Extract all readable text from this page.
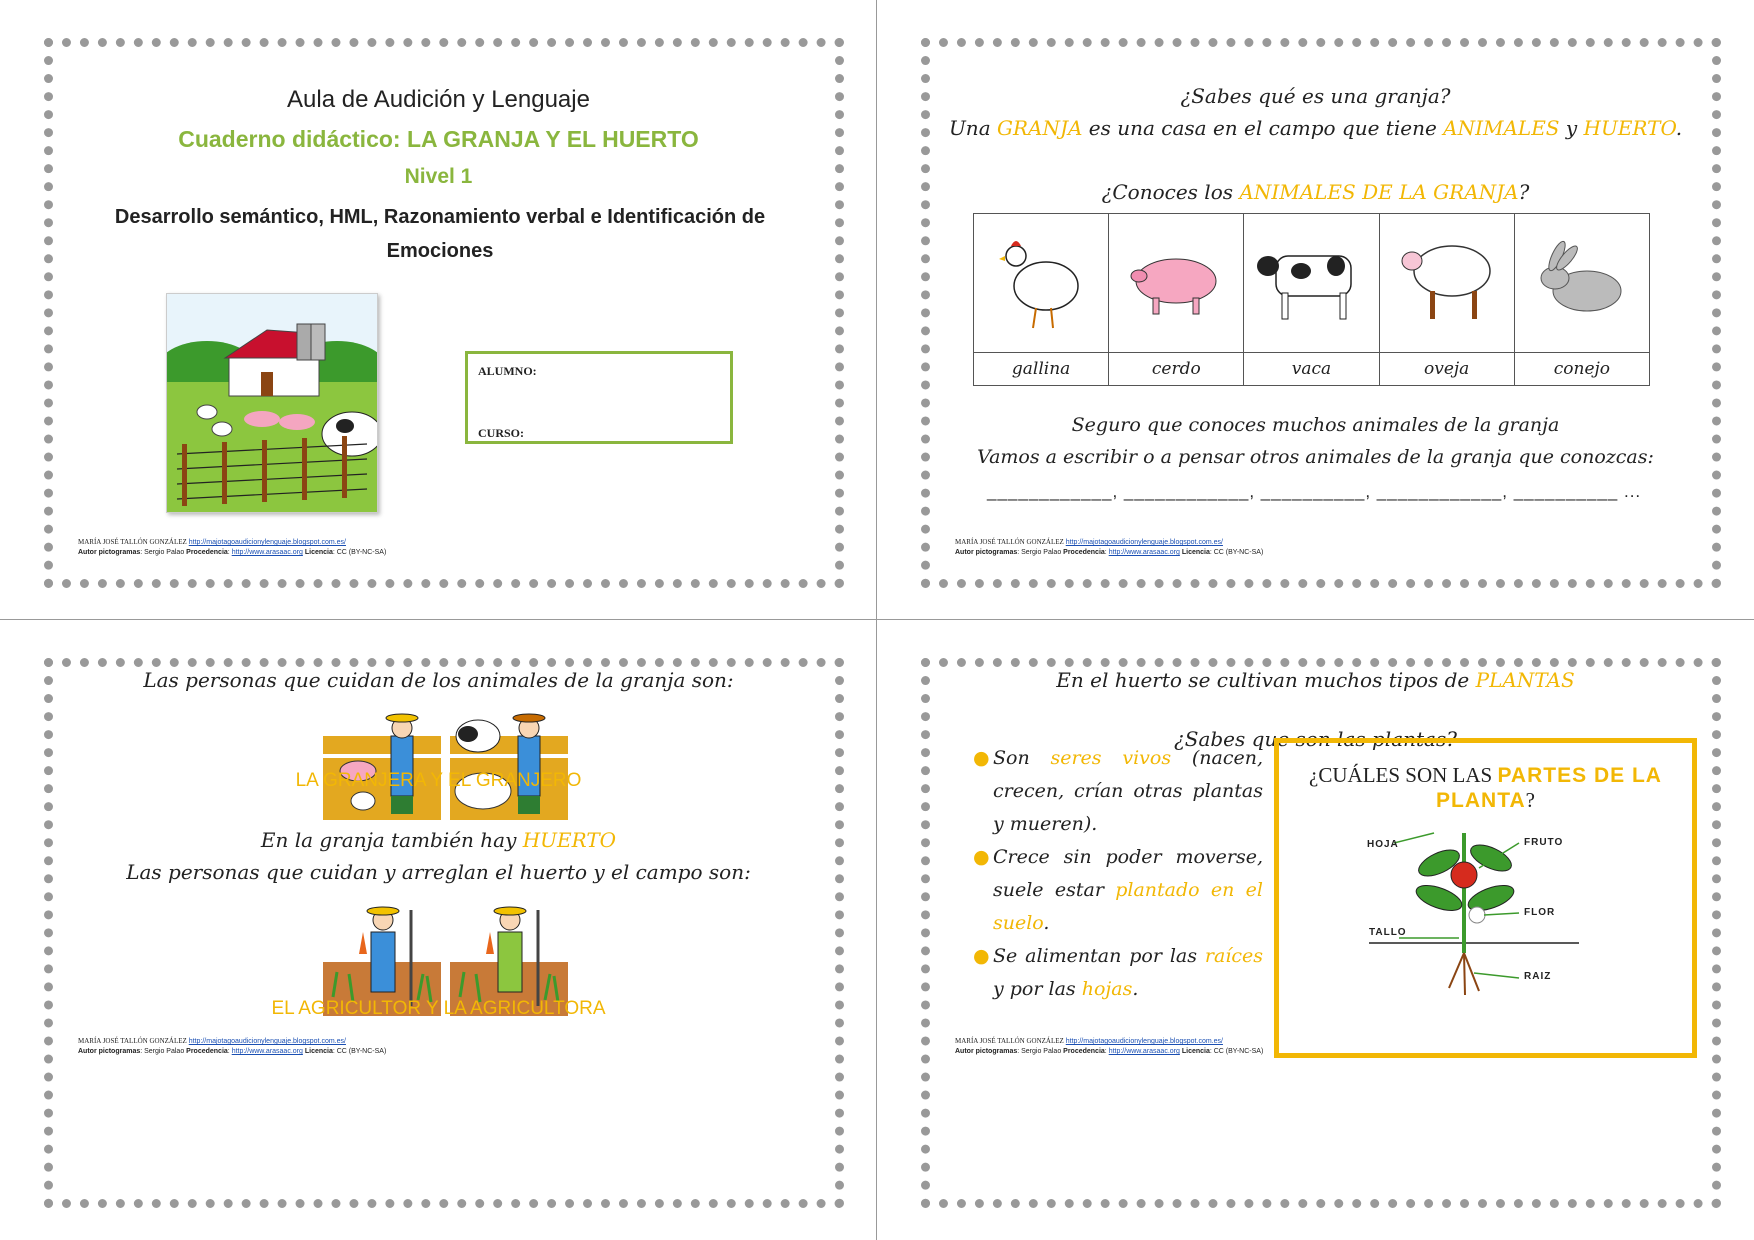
Aula de Audición y Lenguaje
Cuaderno didáctico: LA GRANJA Y EL HUERTO
Nivel 1
Desarrollo semántico, HML, Razonamiento verbal e Identificación de Emociones
ALUMNO:
CURSO:
MARÍA JOSÉ TALLÓN GONZÁLEZ http://majotagoaudicionylenguaje.blogspot.com.es/
Autor pictogramas: Sergio Palao Procedencia: http://www.arasaac.org Licencia: CC (BY-NC-SA)
¿Sabes qué es una granja?
Una GRANJA es una casa en el campo que tiene ANIMALES y HUERTO.
¿Conoces los ANIMALES DE LA GRANJA?

gallina	cerdo	vaca	oveja	conejo
Seguro que conoces muchos animales de la granja
Vamos a escribir o a pensar otros animales de la granja que conozcas:
____________, ____________, __________, ____________, __________ ...
MARÍA JOSÉ TALLÓN GONZÁLEZ http://majotagoaudicionylenguaje.blogspot.com.es/
Autor pictogramas: Sergio Palao Procedencia: http://www.arasaac.org Licencia: CC (BY-NC-SA)
Las personas que cuidan de los animales de la granja son:
LA GRANJERA Y EL GRANJERO
En la granja también hay HUERTO
Las personas que cuidan y arreglan el huerto y el campo son:
EL AGRICULTOR Y LA AGRICULTORA
MARÍA JOSÉ TALLÓN GONZÁLEZ http://majotagoaudicionylenguaje.blogspot.com.es/
Autor pictogramas: Sergio Palao Procedencia: http://www.arasaac.org Licencia: CC (BY-NC-SA)
En el huerto se cultivan muchos tipos de PLANTAS
¿Sabes que son las plantas?
● Son seres vivos (nacen, crecen, crían otras plantas y mueren).
● Crece sin poder moverse, suele estar plantado en el suelo.
● Se alimentan por las raíces y por las hojas.
¿CUÁLES SON LAS PARTES DE LA PLANTA?
HOJA	FRUTO
FLOR
TALLO
RAIZ
MARÍA JOSÉ TALLÓN GONZÁLEZ http://majotagoaudicionylenguaje.blogspot.com.es/
Autor pictogramas: Sergio Palao Procedencia: http://www.arasaac.org Licencia: CC (BY-NC-SA)
